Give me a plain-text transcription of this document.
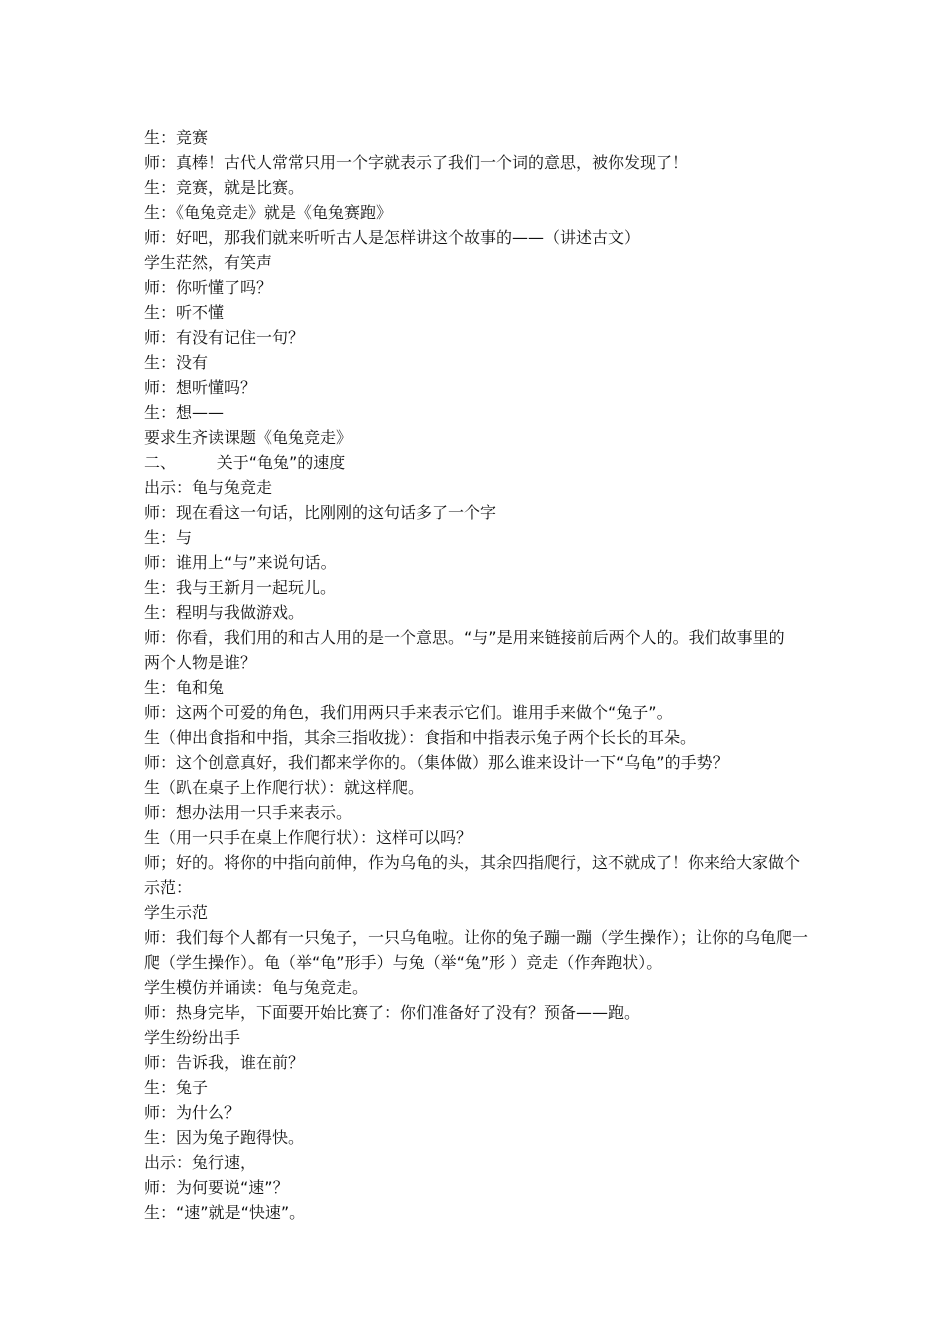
生：竞赛

师：真棒！古代人常常只用一个字就表示了我们一个词的意思，被你发现了！

生：竞赛，就是比赛。

生：《龟兔竞走》就是《龟兔赛跑》

师：好吧，那我们就来听听古人是怎样讲这个故事的——（讲述古文）

学生茫然，有笑声

师：你听懂了吗？

生：听不懂

师：有没有记住一句？

生：没有

师：想听懂吗？

生：想——

要求生齐读课题《龟兔竞走》

二、        关于“龟兔”的速度

出示：龟与兔竞走

师：现在看这一句话，比刚刚的这句话多了一个字

生：与

师：谁用上“与”来说句话。

生：我与王新月一起玩儿。

生：程明与我做游戏。

师：你看，我们用的和古人用的是一个意思。“与”是用来链接前后两个人的。我们故事里的

两个人物是谁？

生：龟和兔

师：这两个可爱的角色，我们用两只手来表示它们。谁用手来做个“兔子”。

生（伸出食指和中指，其余三指收拢）：食指和中指表示兔子两个长长的耳朵。

师：这个创意真好，我们都来学你的。（集体做）那么谁来设计一下“乌龟”的手势？

生（趴在桌子上作爬行状）：就这样爬。

师：想办法用一只手来表示。

生（用一只手在桌上作爬行状）：这样可以吗？

师；好的。将你的中指向前伸，作为乌龟的头，其余四指爬行，这不就成了！你来给大家做个

示范：

学生示范

师：我们每个人都有一只兔子，一只乌龟啦。让你的兔子蹦一蹦（学生操作）；让你的乌龟爬一

爬（学生操作）。龟（举“龟”形手）与兔（举“兔”形 ）竞走（作奔跑状）。

学生模仿并诵读：龟与兔竞走。

师：热身完毕，下面要开始比赛了：你们准备好了没有？预备——跑。

学生纷纷出手

师：告诉我，谁在前？

生：兔子

师：为什么？

生：因为兔子跑得快。

出示：兔行速，

师：为何要说“速”？

生：“速”就是“快速”。
